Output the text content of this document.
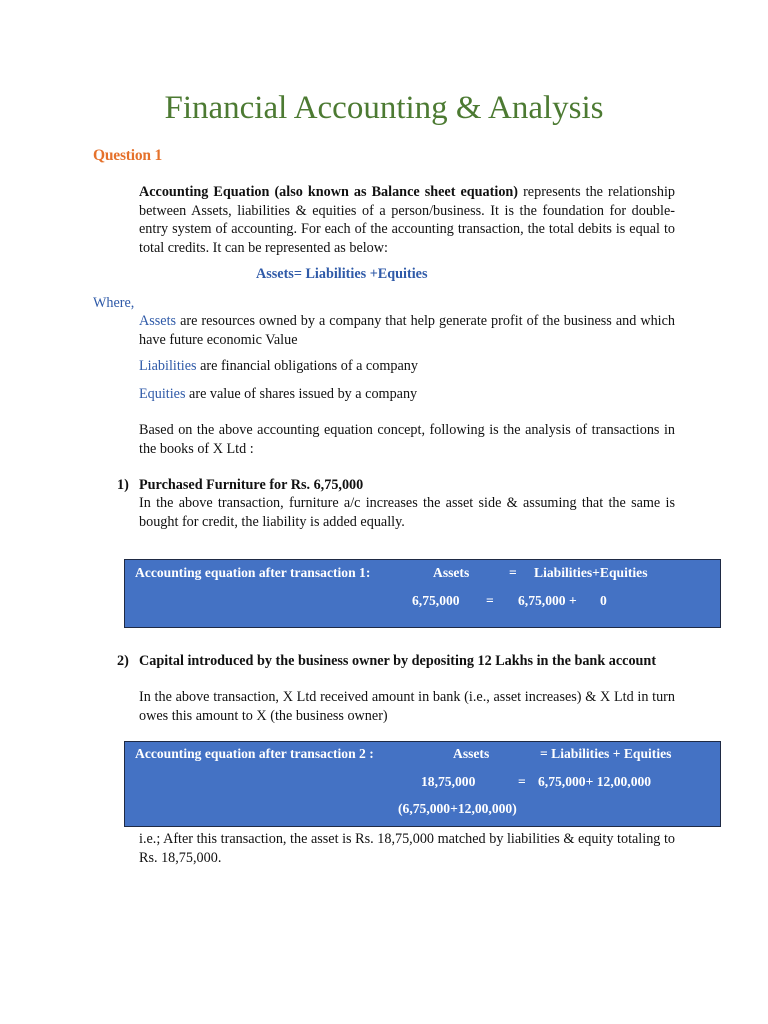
Financial Accounting & Analysis
Question 1
Accounting Equation (also known as Balance sheet equation) represents the relationship between Assets, liabilities & equities of a person/business. It is the foundation for double-entry system of accounting. For each of the accounting transaction, the total debits is equal to total credits. It can be represented as below:
Assets= Liabilities +Equities
Where,
Assets are resources owned by a company that help generate profit of the business and which have future economic Value
Liabilities are financial obligations of a company
Equities are value of shares issued by a company
Based on the above accounting equation concept, following is the analysis of transactions in the books of X Ltd :
1) Purchased Furniture for Rs. 6,75,000
In the above transaction, furniture a/c increases the asset side & assuming that the same is bought for credit, the liability is added equally.
Accounting equation after transaction 1:	Assets	= Liabilities+Equities
6,75,000 = 6,75,000 + 0
2) Capital introduced by the business owner by depositing 12 Lakhs in the bank account
In the above transaction, X Ltd received amount in bank (i.e., asset increases) & X Ltd in turn owes this amount to X (the business owner)
Accounting equation after transaction 2 :	Assets	= Liabilities + Equities
18,75,000	= 6,75,000+ 12,00,000
(6,75,000+12,00,000)
i.e.; After this transaction, the asset is Rs. 18,75,000 matched by liabilities & equity totaling to Rs. 18,75,000.
